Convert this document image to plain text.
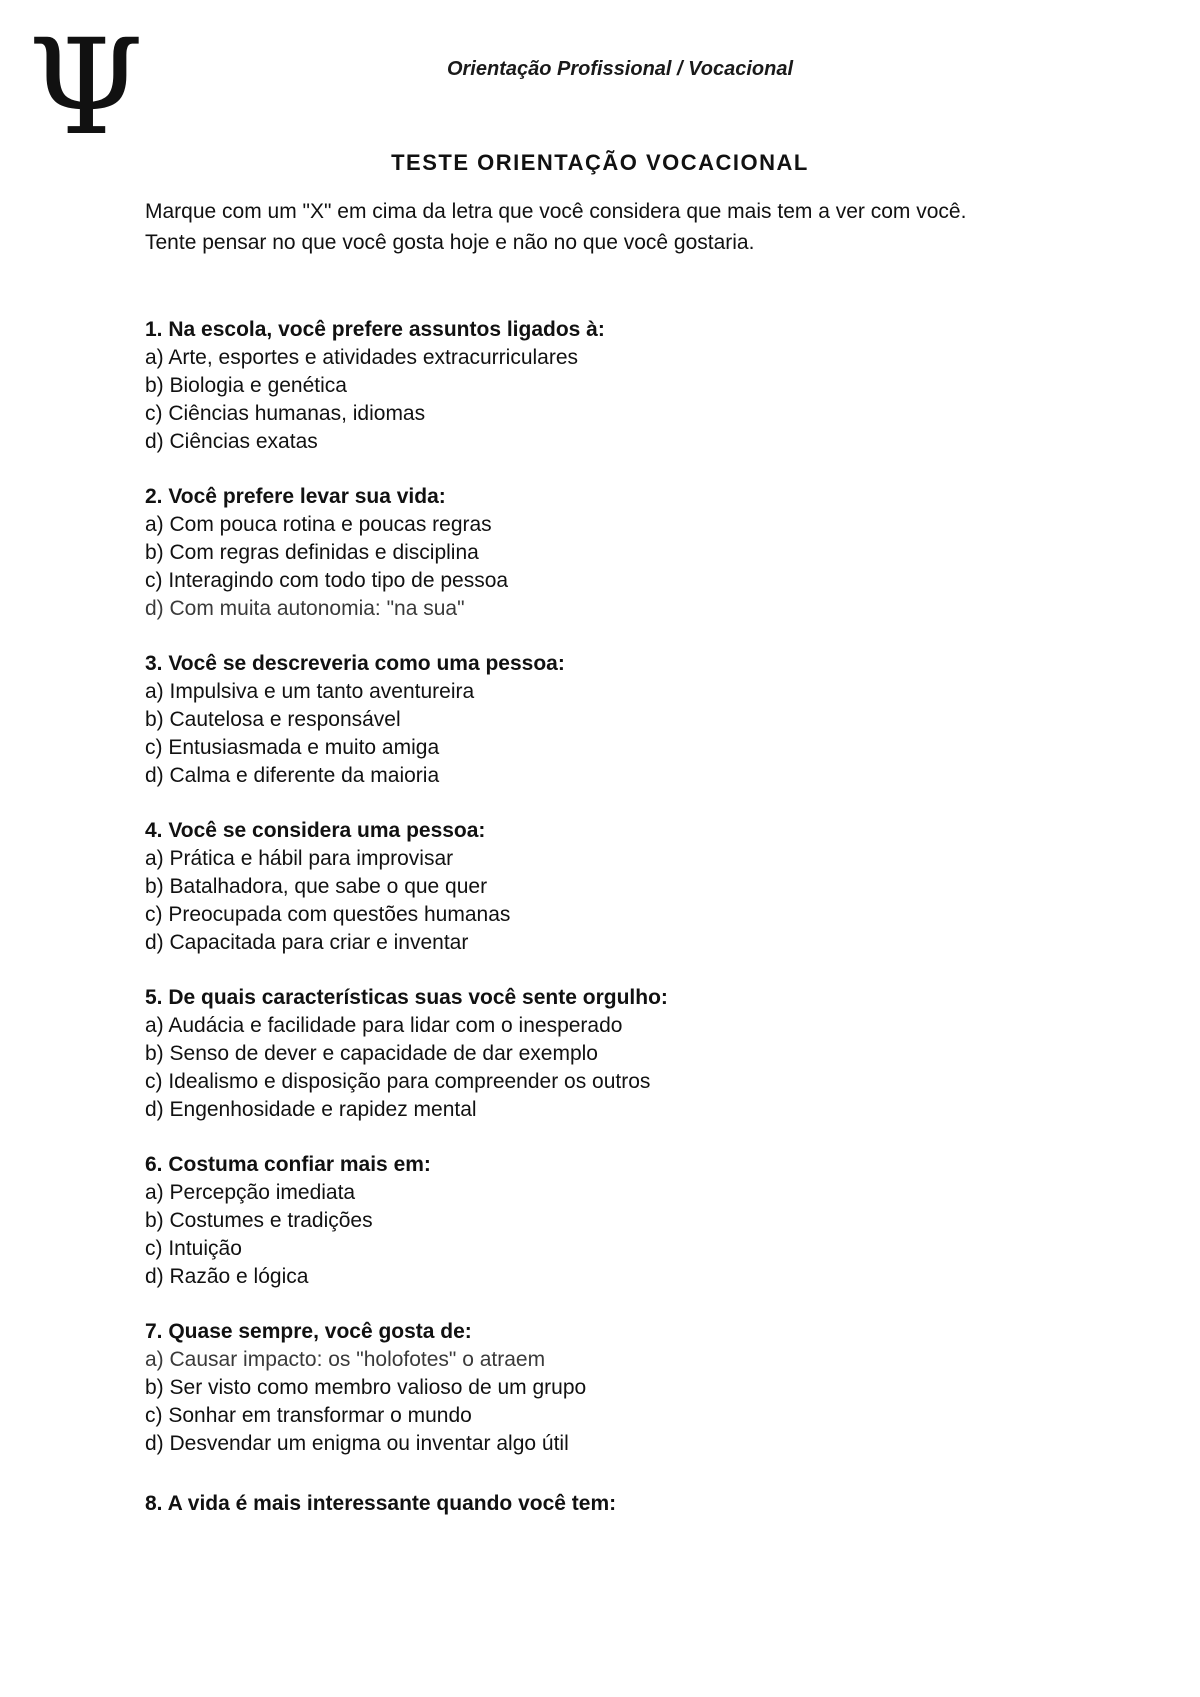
Ψ	Orientação Profissional / Vocacional
TESTE ORIENTAÇÃO VOCACIONAL

Marque com um "X" em cima da letra que você considera que mais tem a ver com você.

Tente pensar no que você gosta hoje e não no que você gostaria.

1. Na escola, você prefere assuntos ligados à:

a) Arte, esportes e atividades extracurriculares

b) Biologia e genética

c) Ciências humanas, idiomas

d) Ciências exatas

2. Você prefere levar sua vida:

a) Com pouca rotina e poucas regras

b) Com regras definidas e disciplina

c) Interagindo com todo tipo de pessoa

d) Com muita autonomia: "na sua"

3. Você se descreveria como uma pessoa:

a) Impulsiva e um tanto aventureira

b) Cautelosa e responsável

c) Entusiasmada e muito amiga

d) Calma e diferente da maioria

4. Você se considera uma pessoa:

a) Prática e hábil para improvisar

b) Batalhadora, que sabe o que quer

c) Preocupada com questões humanas

d) Capacitada para criar e inventar

5. De quais características suas você sente orgulho:

a) Audácia e facilidade para lidar com o inesperado

b) Senso de dever e capacidade de dar exemplo

c) Idealismo e disposição para compreender os outros

d) Engenhosidade e rapidez mental

6. Costuma confiar mais em:

a) Percepção imediata

b) Costumes e tradições

c) Intuição

d) Razão e lógica

7. Quase sempre, você gosta de:

a) Causar impacto: os "holofotes" o atraem

b) Ser visto como membro valioso de um grupo

c) Sonhar em transformar o mundo

d) Desvendar um enigma ou inventar algo útil

8. A vida é mais interessante quando você tem:
